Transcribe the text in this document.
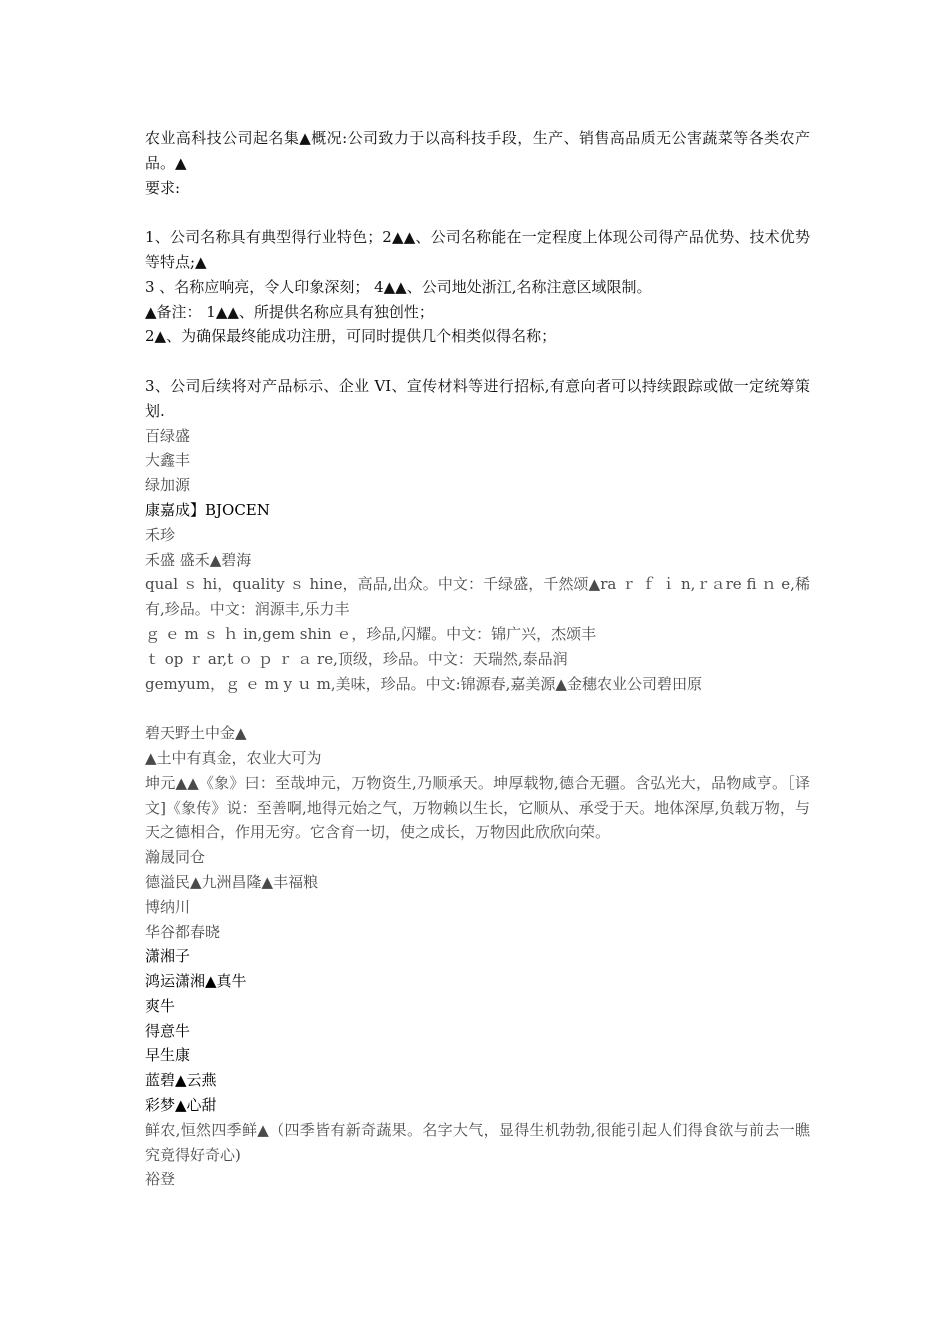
农业高科技公司起名集▲概况:公司致力于以高科技手段，生产、销售高品质无公害蔬菜等各类农产品。▲

要求:

1、公司名称具有典型得行业特色；2▲▲、公司名称能在一定程度上体现公司得产品优势、技术优势等特点;▲

3 、名称应响亮，令人印象深刻； 4▲▲、公司地处浙江,名称注意区域限制。

▲备注： 1▲▲、所提供名称应具有独创性；

2▲、为确保最终能成功注册，可同时提供几个相类似得名称；

3、公司后续将对产品标示、企业 VI、宣传材料等进行招标,有意向者可以持续跟踪或做一定统筹策划.

百绿盛

大鑫丰

绿加源

康嘉成】BJOCEN

禾珍

禾盛 盛禾▲碧海

qual ｓ hi，quality ｓ hine，高品,出众。中文：千绿盛，千然颂▲ra ｒ ｆ ｉ n,ｒａre fi ｎ e,稀有,珍品。中文：润源丰,乐力丰

ｇ ｅ m ｓ ｈ in,gem shin ｅ，珍品,闪耀。中文：锦广兴，杰颂丰

ｔ op ｒ ar,t ｏ ｐ ｒ ａ re,顶级，珍品。中文：天瑞然,泰品润

gemyum，ｇ ｅ m y ｕ m,美味，珍品。中文:锦源春,嘉美源▲金穗农业公司碧田原

碧天野土中金▲

▲土中有真金，农业大可为

坤元▲▲《象》曰：至哉坤元，万物资生,乃顺承天。坤厚载物,德合无疆。含弘光大，品物咸亨。［译文]《象传》说：至善啊,地得元始之气，万物赖以生长，它顺从、承受于天。地体深厚,负载万物，与天之德相合，作用无穷。它含育一切，使之成长，万物因此欣欣向荣。

瀚晟同仓

德溢民▲九洲昌隆▲丰福粮

博纳川

华谷都春晓

潇湘子

鸿运潇湘▲真牛

爽牛

得意牛

早生康

蓝碧▲云燕

彩梦▲心甜

鲜农,恒然四季鲜▲（四季皆有新奇蔬果。名字大气，显得生机勃勃,很能引起人们得食欲与前去一瞧究竟得好奇心)

裕登
